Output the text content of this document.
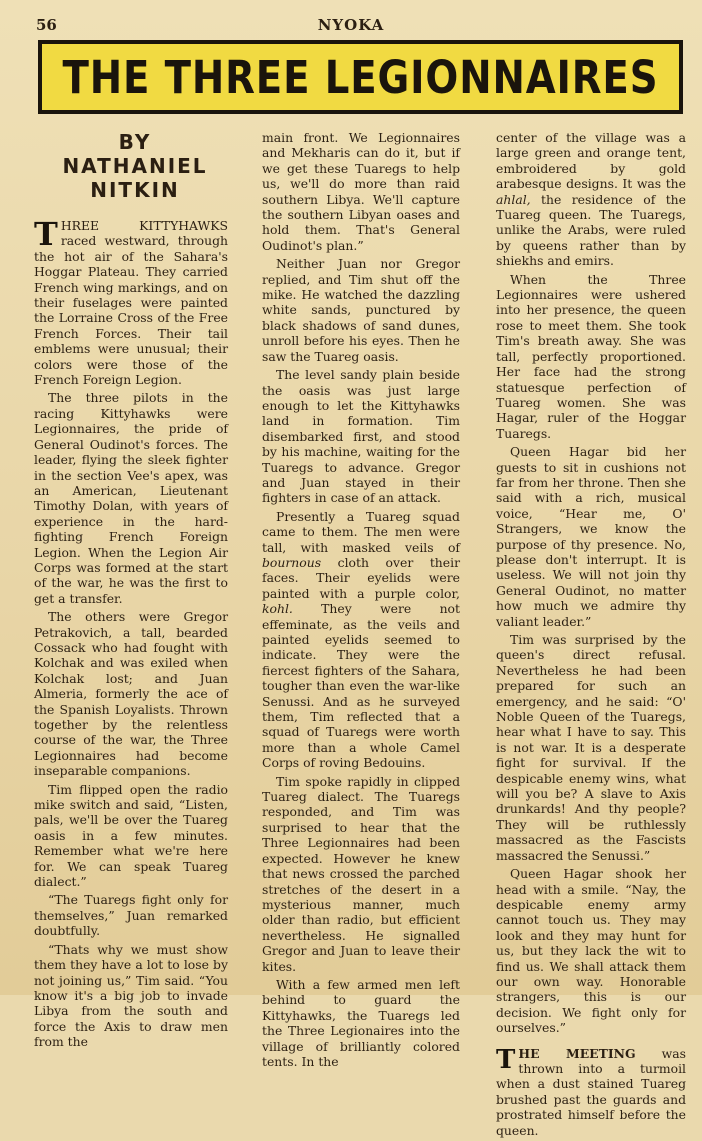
56	NYOKA
THE THREE LEGIONNAIRES
BY
NATHANIEL
NITKIN

THREE KITTYHAWKS raced westward, through the hot air of the Sahara's Hoggar Plateau. They carried French wing markings, and on their fuselages were painted the Lorraine Cross of the Free French Forces. Their tail emblems were unusual; their colors were those of the French Foreign Legion.

The three pilots in the racing Kittyhawks were Legionnaires, the pride of General Oudinot's forces. The leader, flying the sleek fighter in the section Vee's apex, was an American, Lieutenant Timothy Dolan, with years of experience in the hard-fighting French Foreign Legion. When the Legion Air Corps was formed at the start of the war, he was the first to get a transfer.

The others were Gregor Petrakovich, a tall, bearded Cossack who had fought with Kolchak and was exiled when Kolchak lost; and Juan Almeria, formerly the ace of the Spanish Loyalists. Thrown together by the relentless course of the war, the Three Legionnaires had become inseparable companions.

Tim flipped open the radio mike switch and said, “Listen, pals, we'll be over the Tuareg oasis in a few minutes. Remember what we're here for. We can speak Tuareg dialect.”

“The Tuaregs fight only for themselves,” Juan remarked doubtfully.

“Thats why we must show them they have a lot to lose by not joining us,” Tim said. “You know it's a big job to invade Libya from the south and force the Axis to draw men from the

main front. We Legionnaires and Mekharis can do it, but if we get these Tuaregs to help us, we'll do more than raid southern Libya. We'll capture the southern Libyan oases and hold them. That's General Oudinot's plan.”

Neither Juan nor Gregor replied, and Tim shut off the mike. He watched the dazzling white sands, punctured by black shadows of sand dunes, unroll before his eyes. Then he saw the Tuareg oasis.

The level sandy plain beside the oasis was just large enough to let the Kittyhawks land in formation. Tim disembarked first, and stood by his machine, waiting for the Tuaregs to advance. Gregor and Juan stayed in their fighters in case of an attack.

Presently a Tuareg squad came to them. The men were tall, with masked veils of bournous cloth over their faces. Their eyelids were painted with a purple color, kohl. They were not effeminate, as the veils and painted eyelids seemed to indicate. They were the fiercest fighters of the Sahara, tougher than even the war-like Senussi. And as he surveyed them, Tim reflected that a squad of Tuaregs were worth more than a whole Camel Corps of roving Bedouins.

Tim spoke rapidly in clipped Tuareg dialect. The Tuaregs responded, and Tim was surprised to hear that the Three Legionnaires had been expected. However he knew that news crossed the parched stretches of the desert in a mysterious manner, much older than radio, but efficient nevertheless. He signalled Gregor and Juan to leave their kites.

With a few armed men left behind to guard the Kittyhawks, the Tuaregs led the Three Legionaires into the village of brilliantly colored tents. In the

center of the village was a large green and orange tent, embroidered by gold arabesque designs. It was the ahlal, the residence of the Tuareg queen. The Tuaregs, unlike the Arabs, were ruled by queens rather than by shiekhs and emirs.

When the Three Legionnaires were ushered into her presence, the queen rose to meet them. She took Tim's breath away. She was tall, perfectly proportioned. Her face had the strong statuesque perfection of Tuareg women. She was Hagar, ruler of the Hoggar Tuaregs.

Queen Hagar bid her guests to sit in cushions not far from her throne. Then she said with a rich, musical voice, “Hear me, O' Strangers, we know the purpose of thy presence. No, please don't interrupt. It is useless. We will not join thy General Oudinot, no matter how much we admire thy valiant leader.”

Tim was surprised by the queen's direct refusal. Nevertheless he had been prepared for such an emergency, and he said: “O' Noble Queen of the Tuaregs, hear what I have to say. This is not war. It is a desperate fight for survival. If the despicable enemy wins, what will you be? A slave to Axis drunkards! And thy people? They will be ruthlessly massacred as the Fascists massacred the Senussi.”

Queen Hagar shook her head with a smile. “Nay, the despicable enemy army cannot touch us. They may look and they may hunt for us, but they lack the wit to find us. We shall attack them our own way. Honorable strangers, this is our decision. We fight only for ourselves.”

THE MEETING was thrown into a turmoil when a dust stained Tuareg brushed past the guards and prostrated himself before the queen.
